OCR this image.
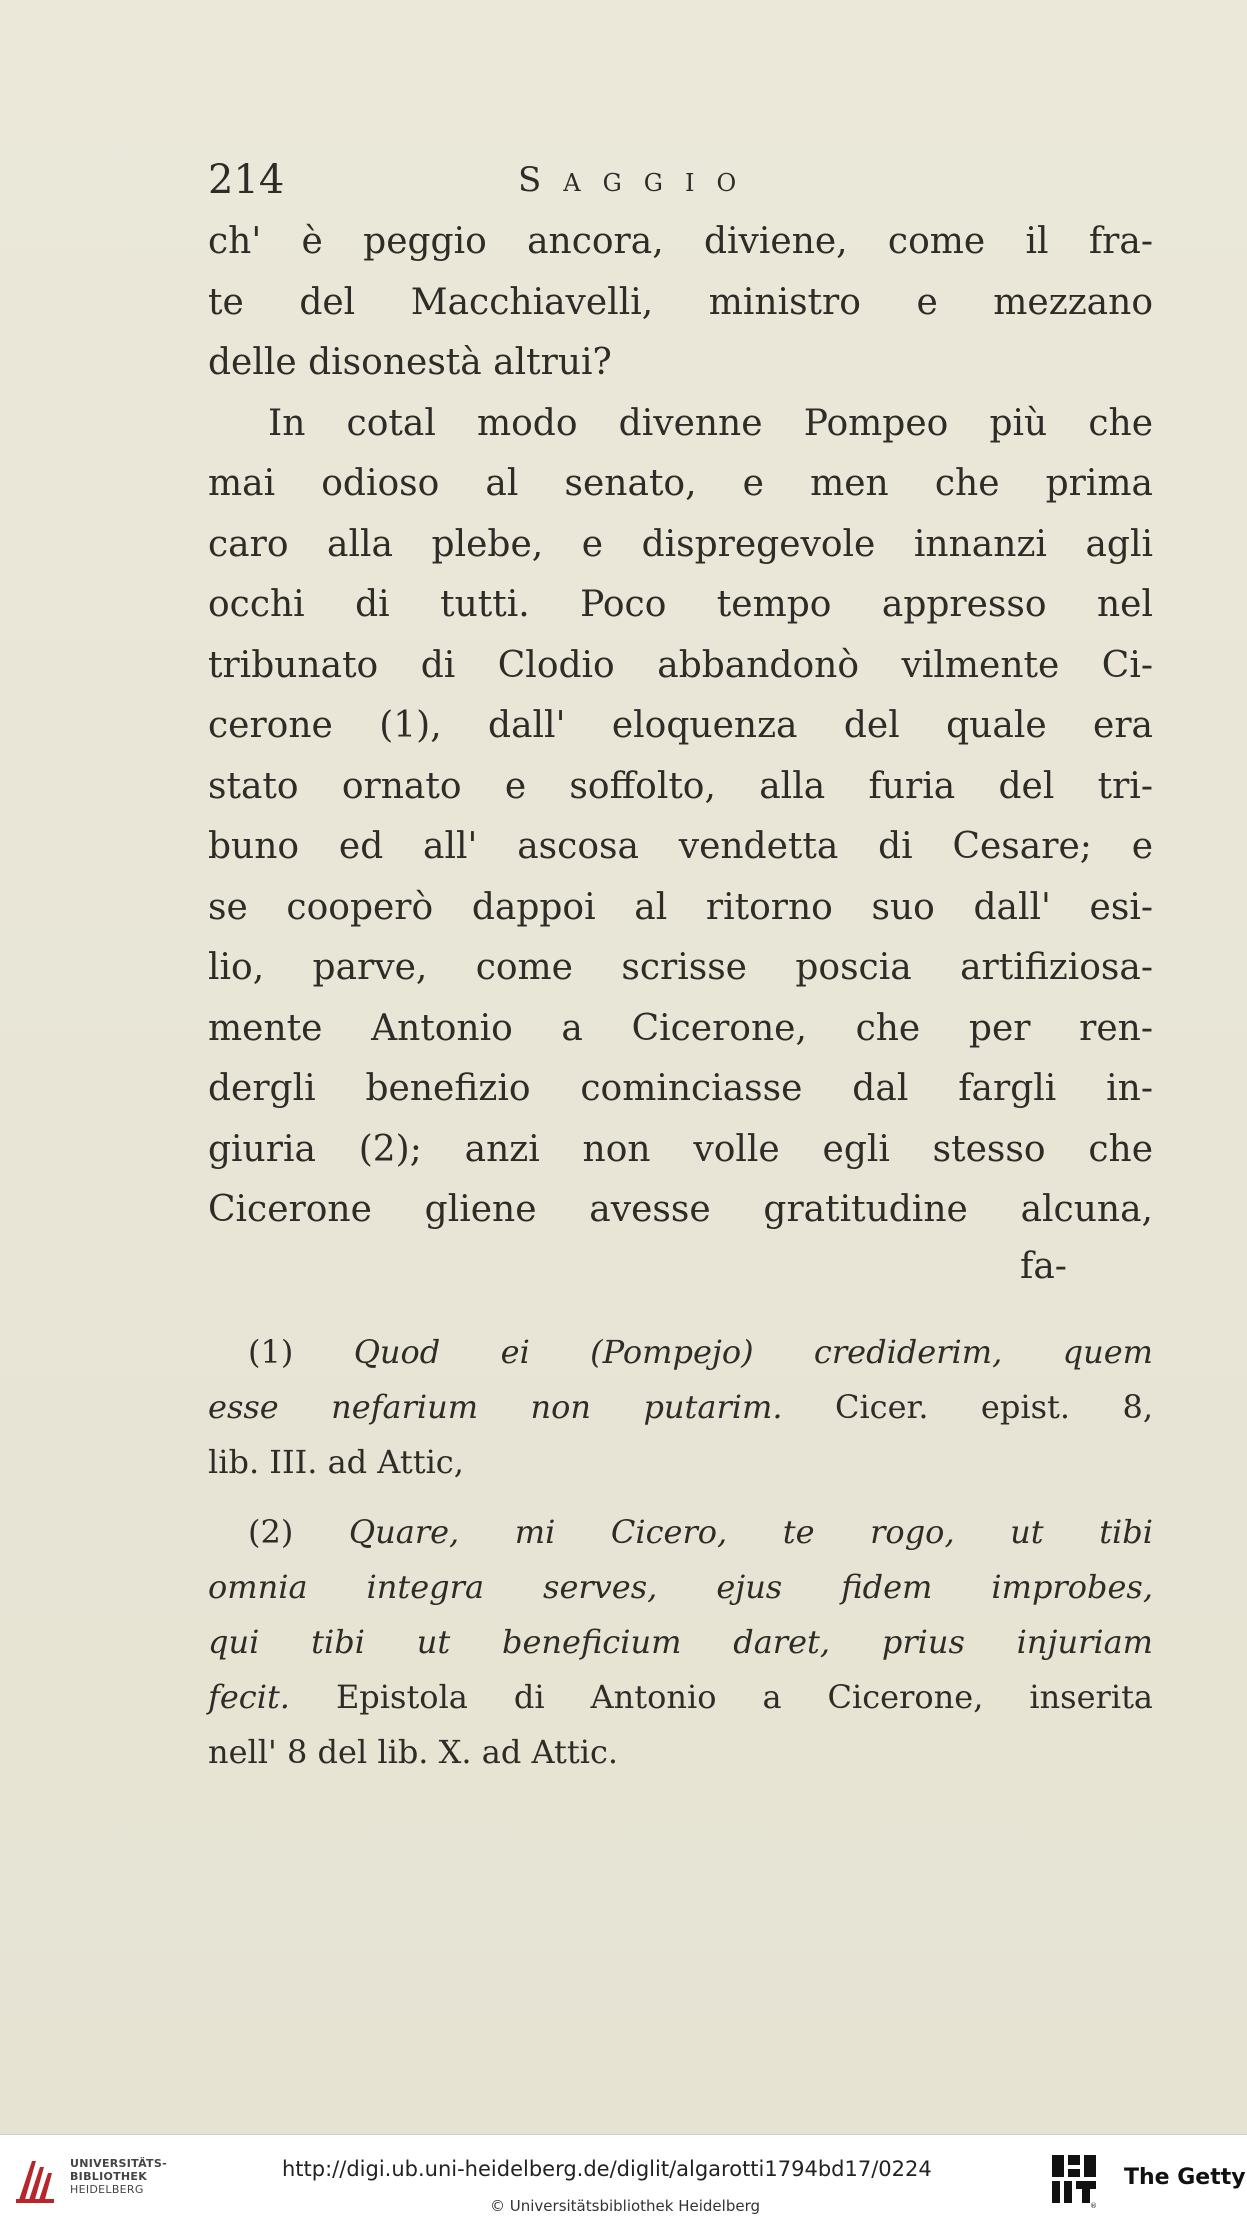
214	Saggio
ch' è peggio ancora, diviene, come il fra-
te del Macchiavelli, ministro e mezzano
delle disonestà altrui?
In cotal modo divenne Pompeo più che
mai odioso al senato, e men che prima
caro alla plebe, e dispregevole innanzi agli
occhi di tutti. Poco tempo appresso nel
tribunato di Clodio abbandonò vilmente Ci-
cerone (1), dall' eloquenza del quale era
stato ornato e soffolto, alla furia del tri-
buno ed all' ascosa vendetta di Cesare; e
se cooperò dappoi al ritorno suo dall' esi-
lio, parve, come scrisse poscia artifiziosa-
mente Antonio a Cicerone, che per ren-
dergli benefizio cominciasse dal fargli in-
giuria (2); anzi non volle egli stesso che
Cicerone gliene avesse gratitudine alcuna,
fa-
(1) Quod ei (Pompejo) crediderim, quem
esse nefarium non putarim. Cicer. epist. 8,
lib. III. ad Attic,
(2) Quare, mi Cicero, te rogo, ut tibi
omnia integra serves, ejus fidem improbes,
qui tibi ut beneficium daret, prius injuriam
fecit. Epistola di Antonio a Cicerone, inserita
nell' 8 del lib. X. ad Attic.
UNIVERSITÄTS-
BIBLIOTHEK
HEIDELBERG
http://digi.ub.uni-heidelberg.de/diglit/algarotti1794bd17/0224
© Universitätsbibliothek Heidelberg	®
The Getty
